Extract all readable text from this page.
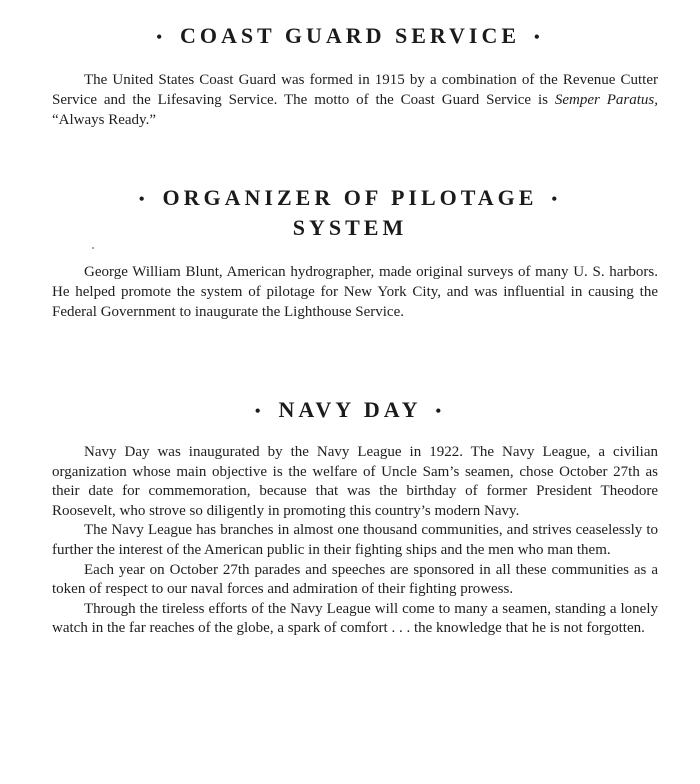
• COAST GUARD SERVICE •

The United States Coast Guard was formed in 1915 by a combination of the Revenue Cutter Service and the Lifesaving Service. The motto of the Coast Guard Service is Semper Paratus, “Always Ready.”

• ORGANIZER OF PILOTAGE •
SYSTEM

George William Blunt, American hydrographer, made original surveys of many U. S. harbors. He helped promote the system of pilotage for New York City, and was influential in causing the Federal Government to inaugurate the Lighthouse Service.

• NAVY DAY •

Navy Day was inaugurated by the Navy League in 1922. The Navy League, a civilian organization whose main objective is the welfare of Uncle Sam’s seamen, chose October 27th as their date for commemoration, because that was the birthday of former President Theodore Roosevelt, who strove so diligently in promoting this country’s modern Navy.

The Navy League has branches in almost one thousand communities, and strives ceaselessly to further the interest of the American public in their fighting ships and the men who man them.

Each year on October 27th parades and speeches are sponsored in all these communities as a token of respect to our naval forces and admiration of their fighting prowess.

Through the tireless efforts of the Navy League will come to many a seamen, standing a lonely watch in the far reaches of the globe, a spark of comfort . . . the knowledge that he is not forgotten.
